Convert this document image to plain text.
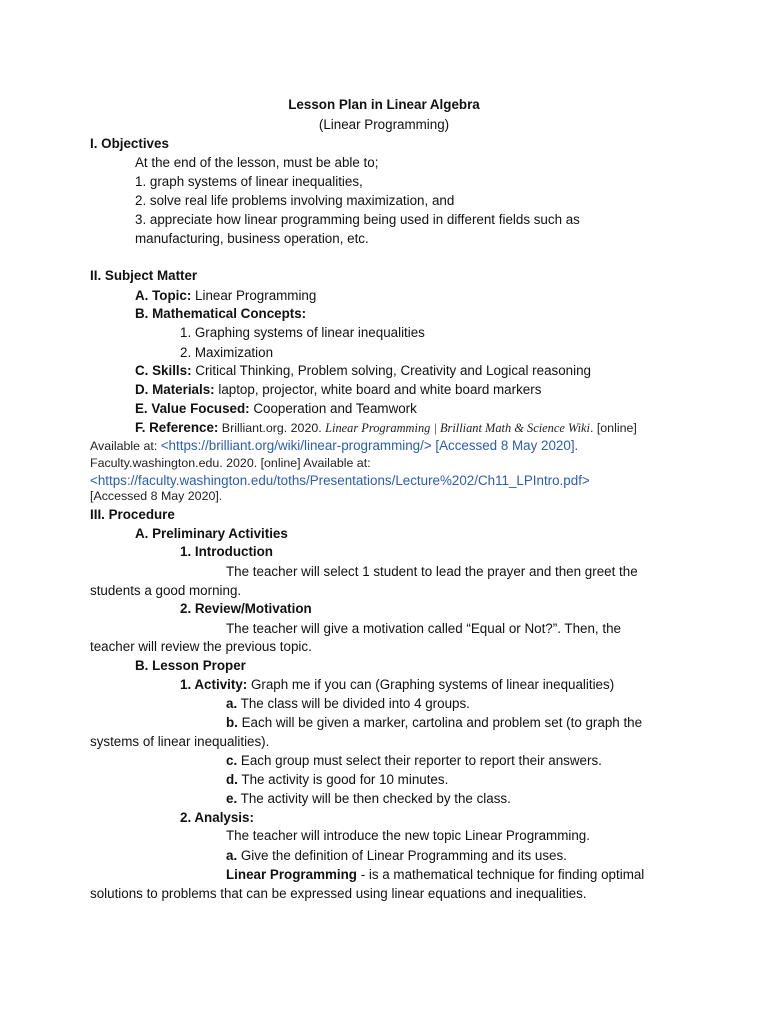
Lesson Plan in Linear Algebra
(Linear Programming)
I. Objectives
At the end of the lesson, must be able to;
1. graph systems of linear inequalities,
2. solve real life problems involving maximization, and
3. appreciate how linear programming being used in different fields such as
manufacturing, business operation, etc.
II. Subject Matter
A. Topic: Linear Programming
B. Mathematical Concepts:
1. Graphing systems of linear inequalities
2. Maximization
C. Skills: Critical Thinking, Problem solving, Creativity and Logical reasoning
D. Materials: laptop, projector, white board and white board markers
E. Value Focused: Cooperation and Teamwork
F. Reference: Brilliant.org. 2020. Linear Programming | Brilliant Math & Science Wiki. [online]
Available at: <https://brilliant.org/wiki/linear-programming/> [Accessed 8 May 2020].
Faculty.washington.edu. 2020. [online] Available at:
<https://faculty.washington.edu/toths/Presentations/Lecture%202/Ch11_LPIntro.pdf>
[Accessed 8 May 2020].
III. Procedure
A. Preliminary Activities
1. Introduction
The teacher will select 1 student to lead the prayer and then greet the
students a good morning.
2. Review/Motivation
The teacher will give a motivation called “Equal or Not?”. Then, the
teacher will review the previous topic.
B. Lesson Proper
1. Activity: Graph me if you can (Graphing systems of linear inequalities)
a. The class will be divided into 4 groups.
b. Each will be given a marker, cartolina and problem set (to graph the
systems of linear inequalities).
c. Each group must select their reporter to report their answers.
d. The activity is good for 10 minutes.
e. The activity will be then checked by the class.
2. Analysis:
The teacher will introduce the new topic Linear Programming.
a. Give the definition of Linear Programming and its uses.
Linear Programming - is a mathematical technique for finding optimal
solutions to problems that can be expressed using linear equations and inequalities.
